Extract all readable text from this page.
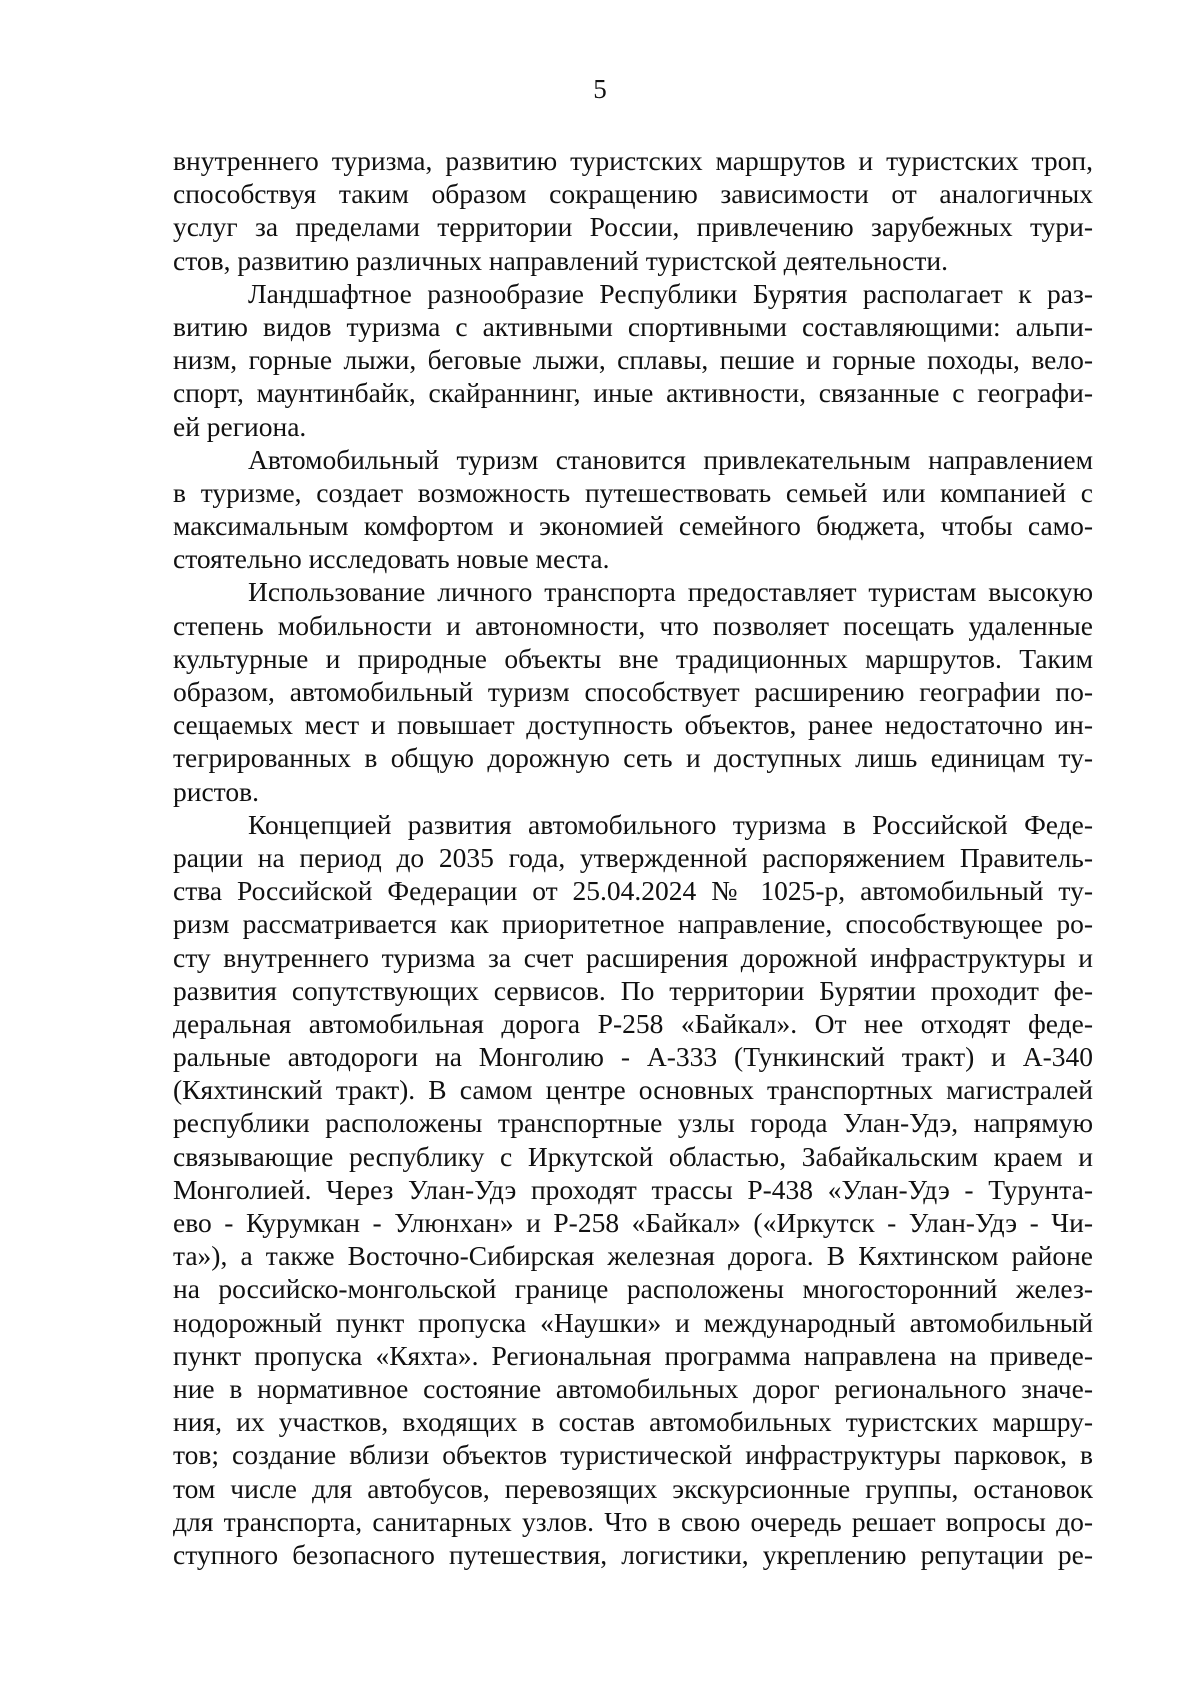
5
внутреннего туризма, развитию туристских маршрутов и туристских троп,
способствуя таким образом сокращению зависимости от аналогичных
услуг за пределами территории России, привлечению зарубежных тури-
стов, развитию различных направлений туристской деятельности.
Ландшафтное разнообразие Республики Бурятия располагает к раз-
витию видов туризма с активными спортивными составляющими: альпи-
низм, горные лыжи, беговые лыжи, сплавы, пешие и горные походы, вело-
спорт, маунтинбайк, скайраннинг, иные активности, связанные с географи-
ей региона.
Автомобильный туризм становится привлекательным направлением
в туризме, создает возможность путешествовать семьей или компанией с
максимальным комфортом и экономией семейного бюджета, чтобы само-
стоятельно исследовать новые места.
Использование личного транспорта предоставляет туристам высокую
степень мобильности и автономности, что позволяет посещать удаленные
культурные и природные объекты вне традиционных маршрутов. Таким
образом, автомобильный туризм способствует расширению географии по-
сещаемых мест и повышает доступность объектов, ранее недостаточно ин-
тегрированных в общую дорожную сеть и доступных лишь единицам ту-
ристов.
Концепцией развития автомобильного туризма в Российской Феде-
рации на период до 2035 года, утвержденной распоряжением Правитель-
ства Российской Федерации от 25.04.2024 № 1025-р, автомобильный ту-
ризм рассматривается как приоритетное направление, способствующее ро-
сту внутреннего туризма за счет расширения дорожной инфраструктуры и
развития сопутствующих сервисов. По территории Бурятии проходит фе-
деральная автомобильная дорога Р-258 «Байкал». От нее отходят феде-
ральные автодороги на Монголию - А-333 (Тункинский тракт) и А-340
(Кяхтинский тракт). В самом центре основных транспортных магистралей
республики расположены транспортные узлы города Улан-Удэ, напрямую
связывающие республику с Иркутской областью, Забайкальским краем и
Монголией. Через Улан-Удэ проходят трассы Р-438 «Улан-Удэ - Турунта-
ево - Курумкан - Улюнхан» и Р-258 «Байкал» («Иркутск - Улан-Удэ - Чи-
та»), а также Восточно-Сибирская железная дорога. В Кяхтинском районе
на российско-монгольской границе расположены многосторонний желез-
нодорожный пункт пропуска «Наушки» и международный автомобильный
пункт пропуска «Кяхта». Региональная программа направлена на приведе-
ние в нормативное состояние автомобильных дорог регионального значе-
ния, их участков, входящих в состав автомобильных туристских маршру-
тов; создание вблизи объектов туристической инфраструктуры парковок, в
том числе для автобусов, перевозящих экскурсионные группы, остановок
для транспорта, санитарных узлов. Что в свою очередь решает вопросы до-
ступного безопасного путешествия, логистики, укреплению репутации ре-
